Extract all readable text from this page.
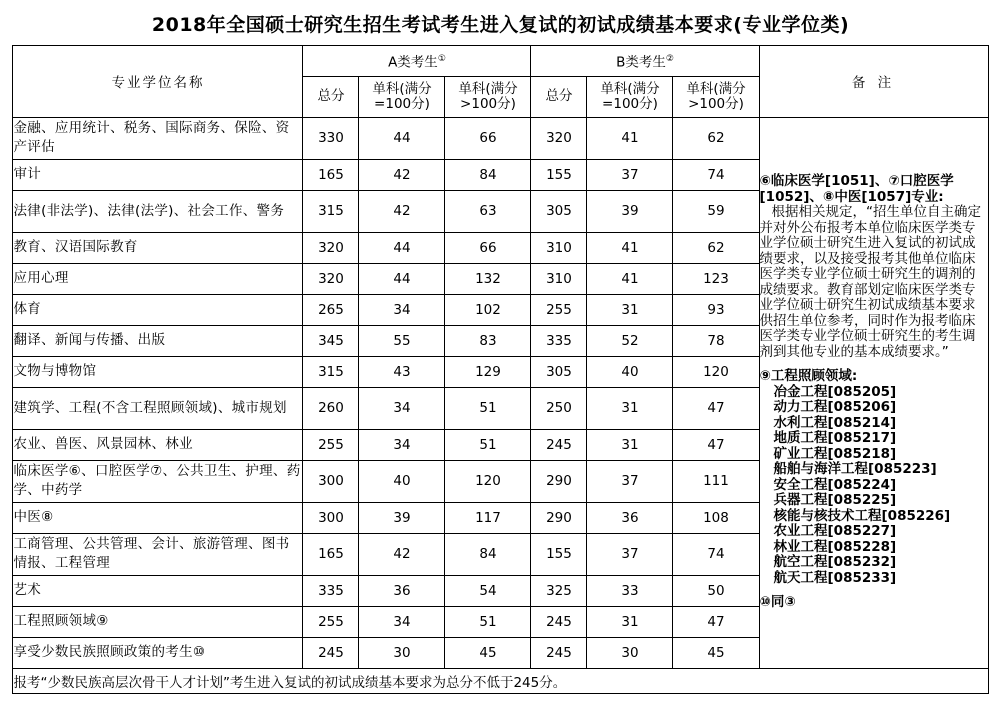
2018年全国硕士研究生招生考试考生进入复试的初试成绩基本要求(专业学位类)
专业学位名称	A类考生①			B类考生②			备 注
	总分	单科(满分=100分)	单科(满分>100分)	总分	单科(满分=100分)	单科(满分>100分)	
金融、应用统计、税务、国际商务、保险、资产评估	330	44	66	320	41	62	

⑥临床医学[1051]、⑦口腔医学[1052]、⑧中医[1057]专业:

根据相关规定，“招生单位自主确定并对外公布报考本单位临床医学类专业学位硕士研究生进入复试的初试成绩要求，以及接受报考其他单位临床医学类专业学位硕士研究生的调剂的成绩要求。教育部划定临床医学类专业学位硕士研究生初试成绩基本要求供招生单位参考，同时作为报考临床医学类专业学位硕士研究生的考生调剂到其他专业的基本成绩要求。”

⑨工程照顾领域:

冶金工程[085205]

动力工程[085206]

水利工程[085214]

地质工程[085217]

矿业工程[085218]

船舶与海洋工程[085223]

安全工程[085224]

兵器工程[085225]

核能与核技术工程[085226]

农业工程[085227]

林业工程[085228]

航空工程[085232]

航天工程[085233]

⑩同③

审计	165	42	84	155	37	74	
法律(非法学)、法律(法学)、社会工作、警务	315	42	63	305	39	59	
教育、汉语国际教育	320	44	66	310	41	62	
应用心理	320	44	132	310	41	123	
体育	265	34	102	255	31	93	
翻译、新闻与传播、出版	345	55	83	335	52	78	
文物与博物馆	315	43	129	305	40	120	
建筑学、工程(不含工程照顾领域)、城市规划	260	34	51	250	31	47	
农业、兽医、风景园林、林业	255	34	51	245	31	47	
临床医学⑥、口腔医学⑦、公共卫生、护理、药学、中药学	300	40	120	290	37	111	
中医⑧	300	39	117	290	36	108	
工商管理、公共管理、会计、旅游管理、图书情报、工程管理	165	42	84	155	37	74	
艺术	335	36	54	325	33	50	
工程照顾领域⑨	255	34	51	245	31	47	
享受少数民族照顾政策的考生⑩	245	30	45	245	30	45	
报考“少数民族高层次骨干人才计划”考生进入复试的初试成绩基本要求为总分不低于245分。							
